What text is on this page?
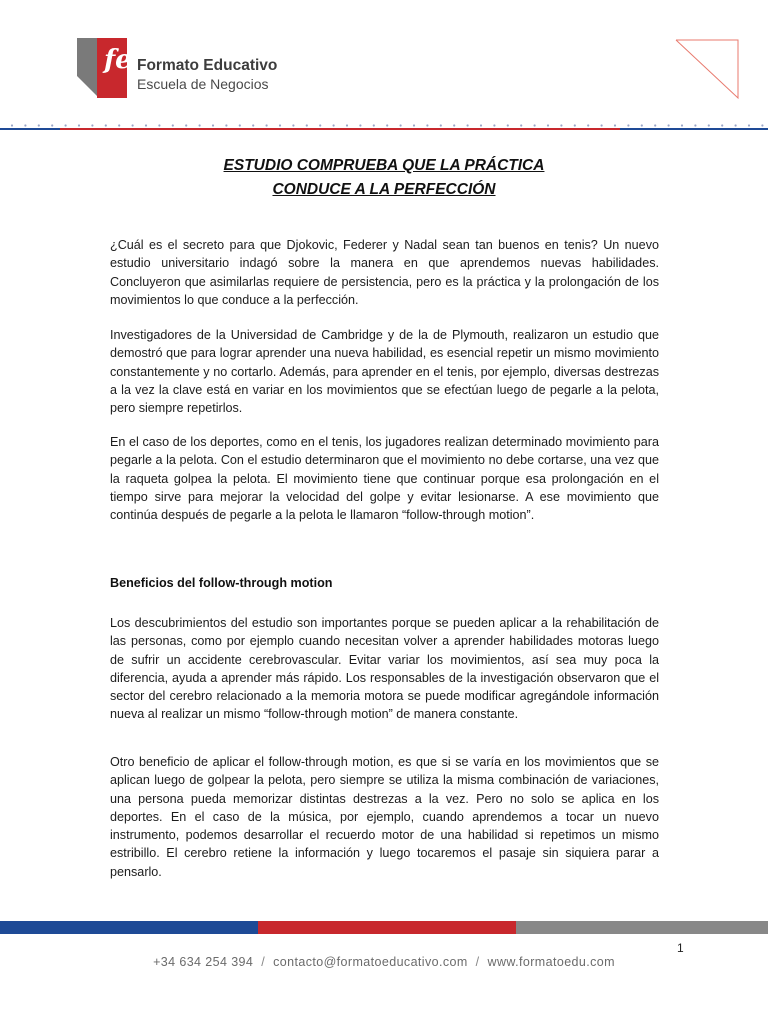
fe Formato Educativo
Escuela de Negocios
ESTUDIO COMPRUEBA QUE LA PRÁCTICA
CONDUCE A LA PERFECCIÓN
¿Cuál es el secreto para que Djokovic, Federer y Nadal sean tan buenos en tenis? Un nuevo estudio universitario indagó sobre la manera en que aprendemos nuevas habilidades. Concluyeron que asimilarlas requiere de persistencia, pero es la práctica y la prolongación de los movimientos lo que conduce a la perfección.
Investigadores de la Universidad de Cambridge y de la de Plymouth, realizaron un estudio que demostró que para lograr aprender una nueva habilidad, es esencial repetir un mismo movimiento constantemente y no cortarlo. Además, para aprender en el tenis, por ejemplo, diversas destrezas a la vez la clave está en variar en los movimientos que se efectúan luego de pegarle a la pelota, pero siempre repetirlos.
En el caso de los deportes, como en el tenis, los jugadores realizan determinado movimiento para pegarle a la pelota. Con el estudio determinaron que el movimiento no debe cortarse, una vez que la raqueta golpea la pelota. El movimiento tiene que continuar porque esa prolongación en el tiempo sirve para mejorar la velocidad del golpe y evitar lesionarse. A ese movimiento que continúa después de pegarle a la pelota le llamaron “follow-through motion”.
Beneficios del follow-through motion
Los descubrimientos del estudio son importantes porque se pueden aplicar a la rehabilitación de las personas, como por ejemplo cuando necesitan volver a aprender habilidades motoras luego de sufrir un accidente cerebrovascular. Evitar variar los movimientos, así sea muy poca la diferencia, ayuda a aprender más rápido. Los responsables de la investigación observaron que el sector del cerebro relacionado a la memoria motora se puede modificar agregándole información nueva al realizar un mismo “follow-through motion” de manera constante.
Otro beneficio de aplicar el follow-through motion, es que si se varía en los movimientos que se aplican luego de golpear la pelota, pero siempre se utiliza la misma combinación de variaciones, una persona pueda memorizar distintas destrezas a la vez. Pero no solo se aplica en los deportes. En el caso de la música, por ejemplo, cuando aprendemos a tocar un nuevo instrumento, podemos desarrollar el recuerdo motor de una habilidad si repetimos un mismo estribillo. El cerebro retiene la información y luego tocaremos el pasaje sin siquiera parar a pensarlo.
1
+34 634 254 394 / contacto@formatoeducativo.com / www.formatoedu.com
